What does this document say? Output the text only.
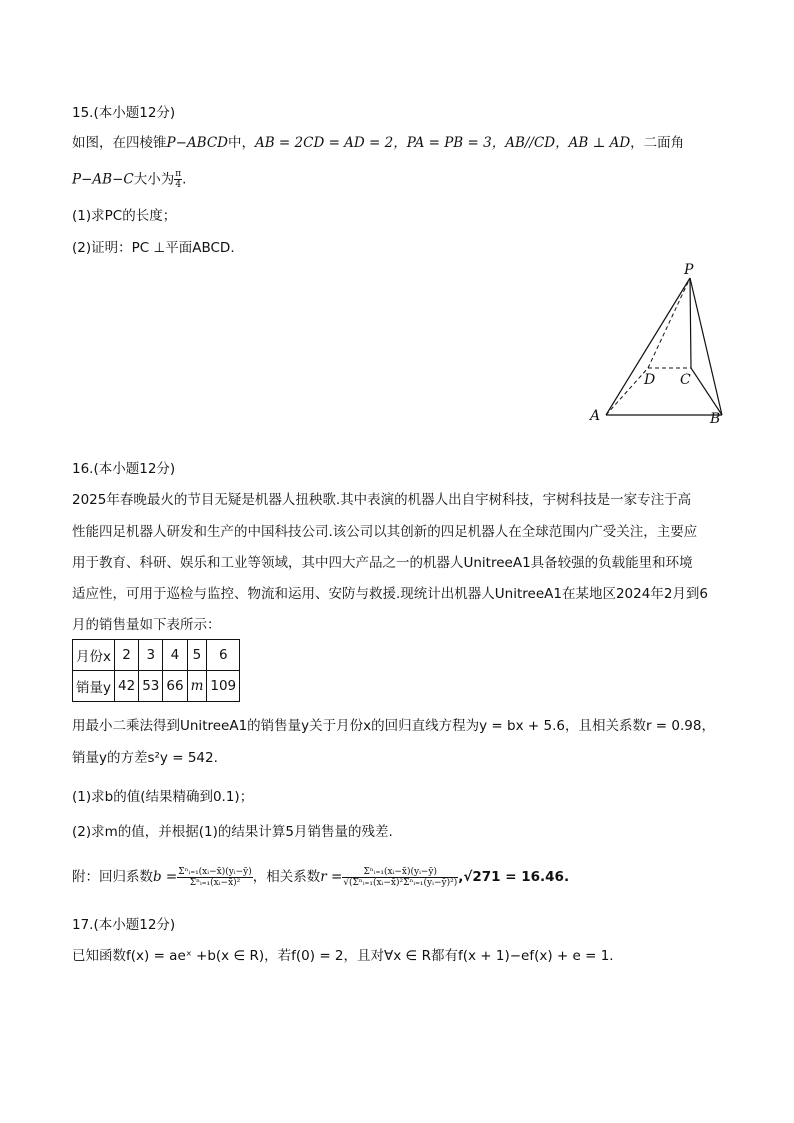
15.(本小题12分)
如图，在四棱锥P−ABCD中，AB = 2CD = AD = 2，PA = PB = 3，AB//CD，AB ⊥ AD，二面角
P−AB−C大小为 $\frac{\pi}{4}$ .
(1)求PC的长度；
(2)证明：PC ⊥平面ABCD.
P
D C
A	B
16.(本小题12分)
2025年春晚最火的节目无疑是机器人扭秧歌.其中表演的机器人出自宇树科技，宇树科技是一家专注于高
性能四足机器人研发和生产的中国科技公司.该公司以其创新的四足机器人在全球范围内广受关注，主要应
用于教育、科研、娱乐和工业等领域，其中四大产品之一的机器人UnitreeA1具备较强的负载能里和环境
适应性，可用于巡检与监控、物流和运用、安防与救援.现统计出机器人UnitreeA1在某地区2024年2月到6
月的销售量如下表所示：
月份x	2	3	4	5	6
销量y	42	53	66	m	109
用最小二乘法得到UnitreeA1的销售量y关于月份x的回归直线方程为y = bx + 5.6，且相关系数r = 0.98，
销量y的方差s²y = 542.
(1)求b的值(结果精确到0.1)；
(2)求m的值，并根据(1)的结果计算5月销售量的残差.
附：回归系数$b = \frac{\text{Σⁿᵢ₌₁(xᵢ−x̄)(yᵢ−ȳ)}}{\text{Σⁿᵢ₌₁(xᵢ−x̄)²}}$ ，相关系数$r = \frac{\text{Σⁿᵢ₌₁(xᵢ−x̄)(yᵢ−ȳ)}}{\text{√(Σⁿᵢ₌₁(xᵢ−x̄)²Σⁿᵢ₌₁(yᵢ−ȳ)²)}} ,√271 = 16.46$.
17.(本小题12分)
已知函数f(x) = aeˣ +b(x ∈ R)，若f(0) = 2，且对∀x ∈ R都有f(x + 1)−ef(x) + e = 1.
